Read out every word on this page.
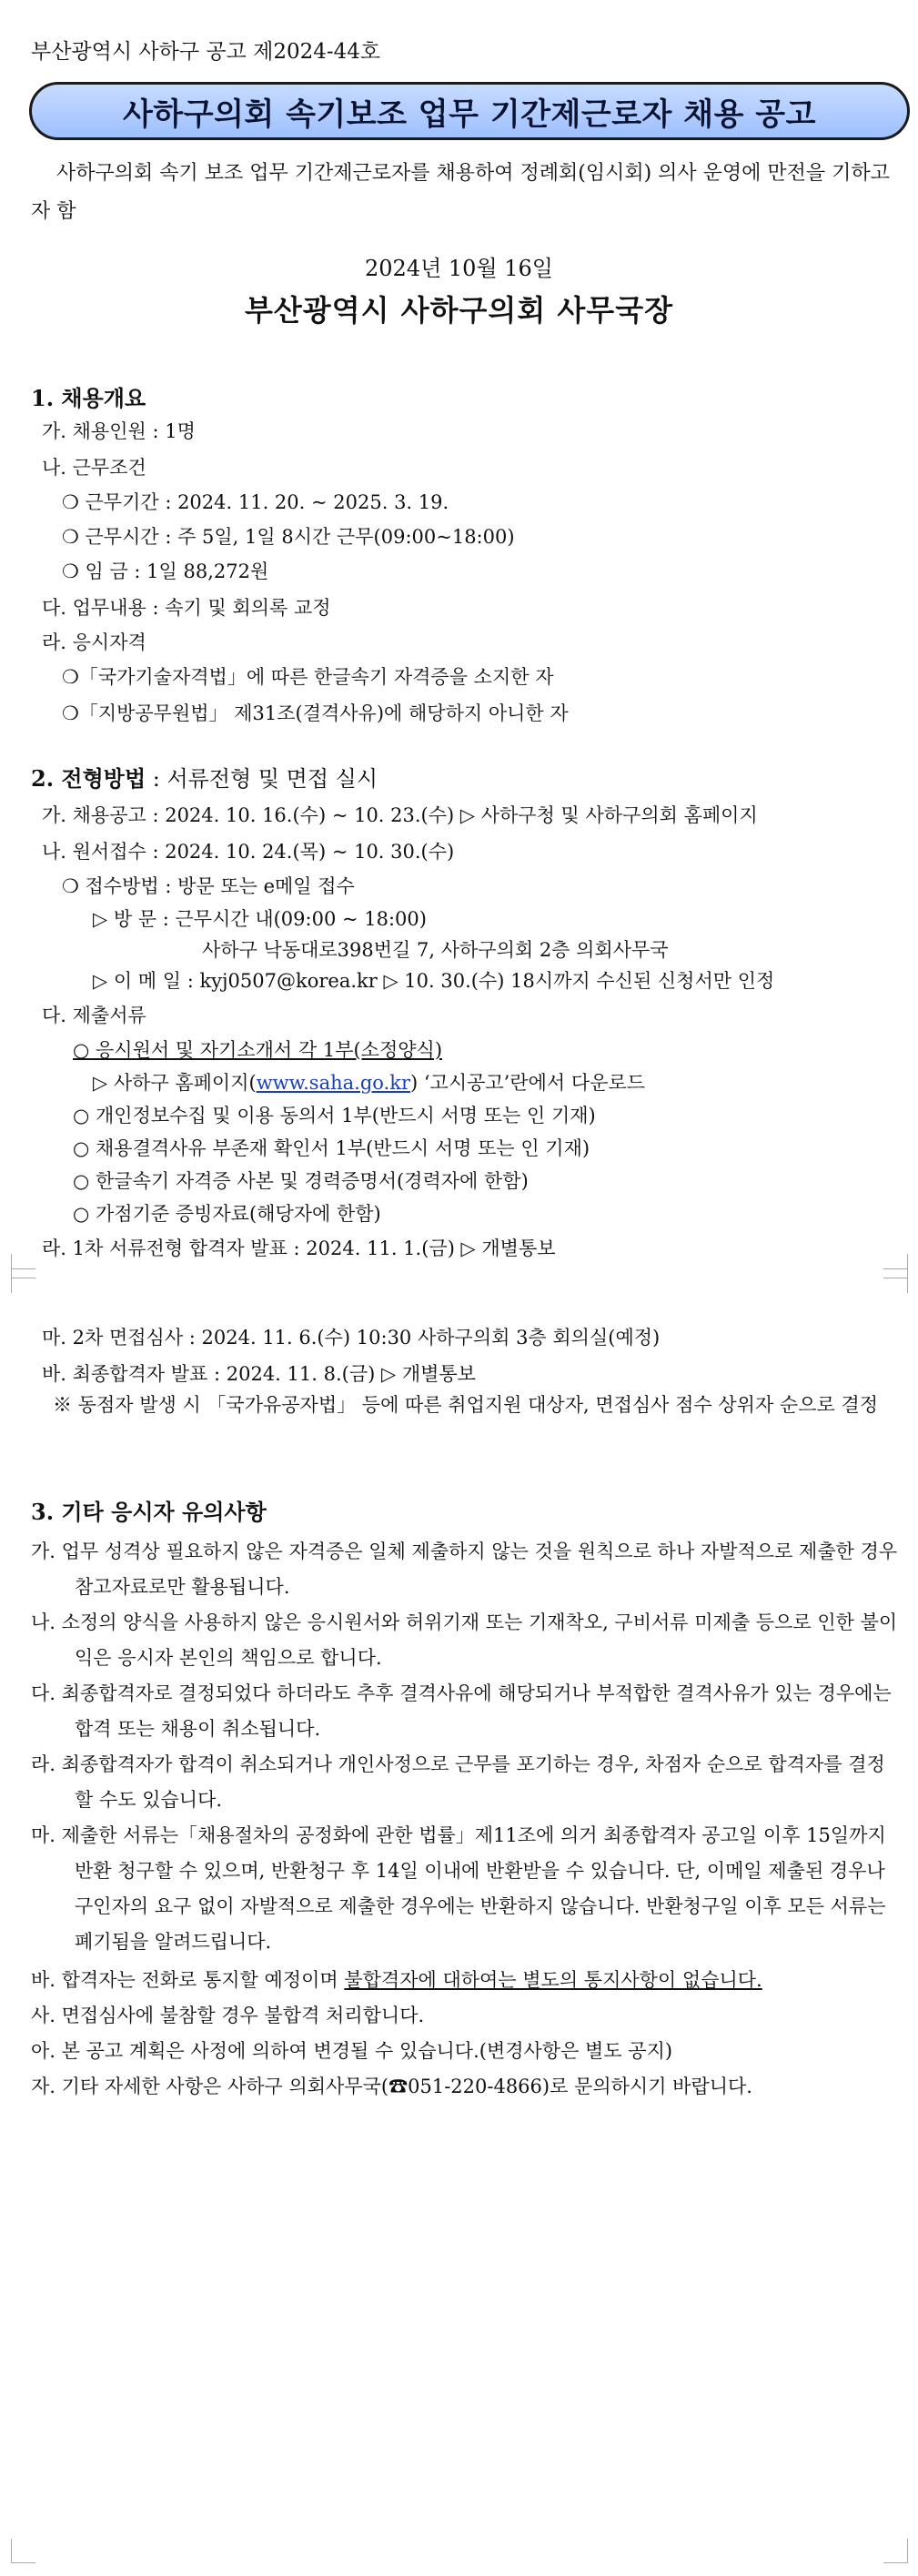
부산광역시 사하구 공고 제2024-44호
사하구의회 속기보조 업무 기간제근로자 채용 공고
사하구의회 속기 보조 업무 기간제근로자를 채용하여 정례회(임시회) 의사 운영에 만전을 기하고자 함
2024년 10월 16일
부산광역시 사하구의회 사무국장
1. 채용개요
가. 채용인원 : 1명
나. 근무조건
❍ 근무기간 : 2024. 11. 20. ~ 2025. 3. 19.
❍ 근무시간 : 주 5일, 1일 8시간 근무(09:00~18:00)
❍ 임 금 : 1일 88,272원
다. 업무내용 : 속기 및 회의록 교정
라. 응시자격
❍「국가기술자격법」에 따른 한글속기 자격증을 소지한 자
❍「지방공무원법」 제31조(결격사유)에 해당하지 아니한 자
2. 전형방법 : 서류전형 및 면접 실시
가. 채용공고 : 2024. 10. 16.(수) ~ 10. 23.(수) ▷ 사하구청 및 사하구의회 홈페이지
나. 원서접수 : 2024. 10. 24.(목) ~ 10. 30.(수)
❍ 접수방법 : 방문 또는 e메일 접수
▷ 방 문 : 근무시간 내(09:00 ~ 18:00)
사하구 낙동대로398번길 7, 사하구의회 2층 의회사무국
▷ 이 메 일 : kyj0507@korea.kr ▷ 10. 30.(수) 18시까지 수신된 신청서만 인정
다. 제출서류
○ 응시원서 및 자기소개서 각 1부(소정양식)
▷ 사하구 홈페이지(www.saha.go.kr) ‘고시공고’란에서 다운로드
○ 개인정보수집 및 이용 동의서 1부(반드시 서명 또는 인 기재)
○ 채용결격사유 부존재 확인서 1부(반드시 서명 또는 인 기재)
○ 한글속기 자격증 사본 및 경력증명서(경력자에 한함)
○ 가점기준 증빙자료(해당자에 한함)
라. 1차 서류전형 합격자 발표 : 2024. 11. 1.(금) ▷ 개별통보
마. 2차 면접심사 : 2024. 11. 6.(수) 10:30 사하구의회 3층 회의실(예정)
바. 최종합격자 발표 : 2024. 11. 8.(금) ▷ 개별통보
※ 동점자 발생 시 「국가유공자법」 등에 따른 취업지원 대상자, 면접심사 점수 상위자 순으로 결정
3. 기타 응시자 유의사항
가. 업무 성격상 필요하지 않은 자격증은 일체 제출하지 않는 것을 원칙으로 하나 자발적으로 제출한 경우 참고자료로만 활용됩니다.
나. 소정의 양식을 사용하지 않은 응시원서와 허위기재 또는 기재착오, 구비서류 미제출 등으로 인한 불이익은 응시자 본인의 책임으로 합니다.
다. 최종합격자로 결정되었다 하더라도 추후 결격사유에 해당되거나 부적합한 결격사유가 있는 경우에는 합격 또는 채용이 취소됩니다.
라. 최종합격자가 합격이 취소되거나 개인사정으로 근무를 포기하는 경우, 차점자 순으로 합격자를 결정할 수도 있습니다.
마. 제출한 서류는「채용절차의 공정화에 관한 법률」제11조에 의거 최종합격자 공고일 이후 15일까지 반환 청구할 수 있으며, 반환청구 후 14일 이내에 반환받을 수 있습니다. 단, 이메일 제출된 경우나 구인자의 요구 없이 자발적으로 제출한 경우에는 반환하지 않습니다. 반환청구일 이후 모든 서류는 폐기됨을 알려드립니다.
바. 합격자는 전화로 통지할 예정이며 불합격자에 대하여는 별도의 통지사항이 없습니다.
사. 면접심사에 불참할 경우 불합격 처리합니다.
아. 본 공고 계획은 사정에 의하여 변경될 수 있습니다.(변경사항은 별도 공지)
자. 기타 자세한 사항은 사하구 의회사무국(☎051-220-4866)로 문의하시기 바랍니다.
